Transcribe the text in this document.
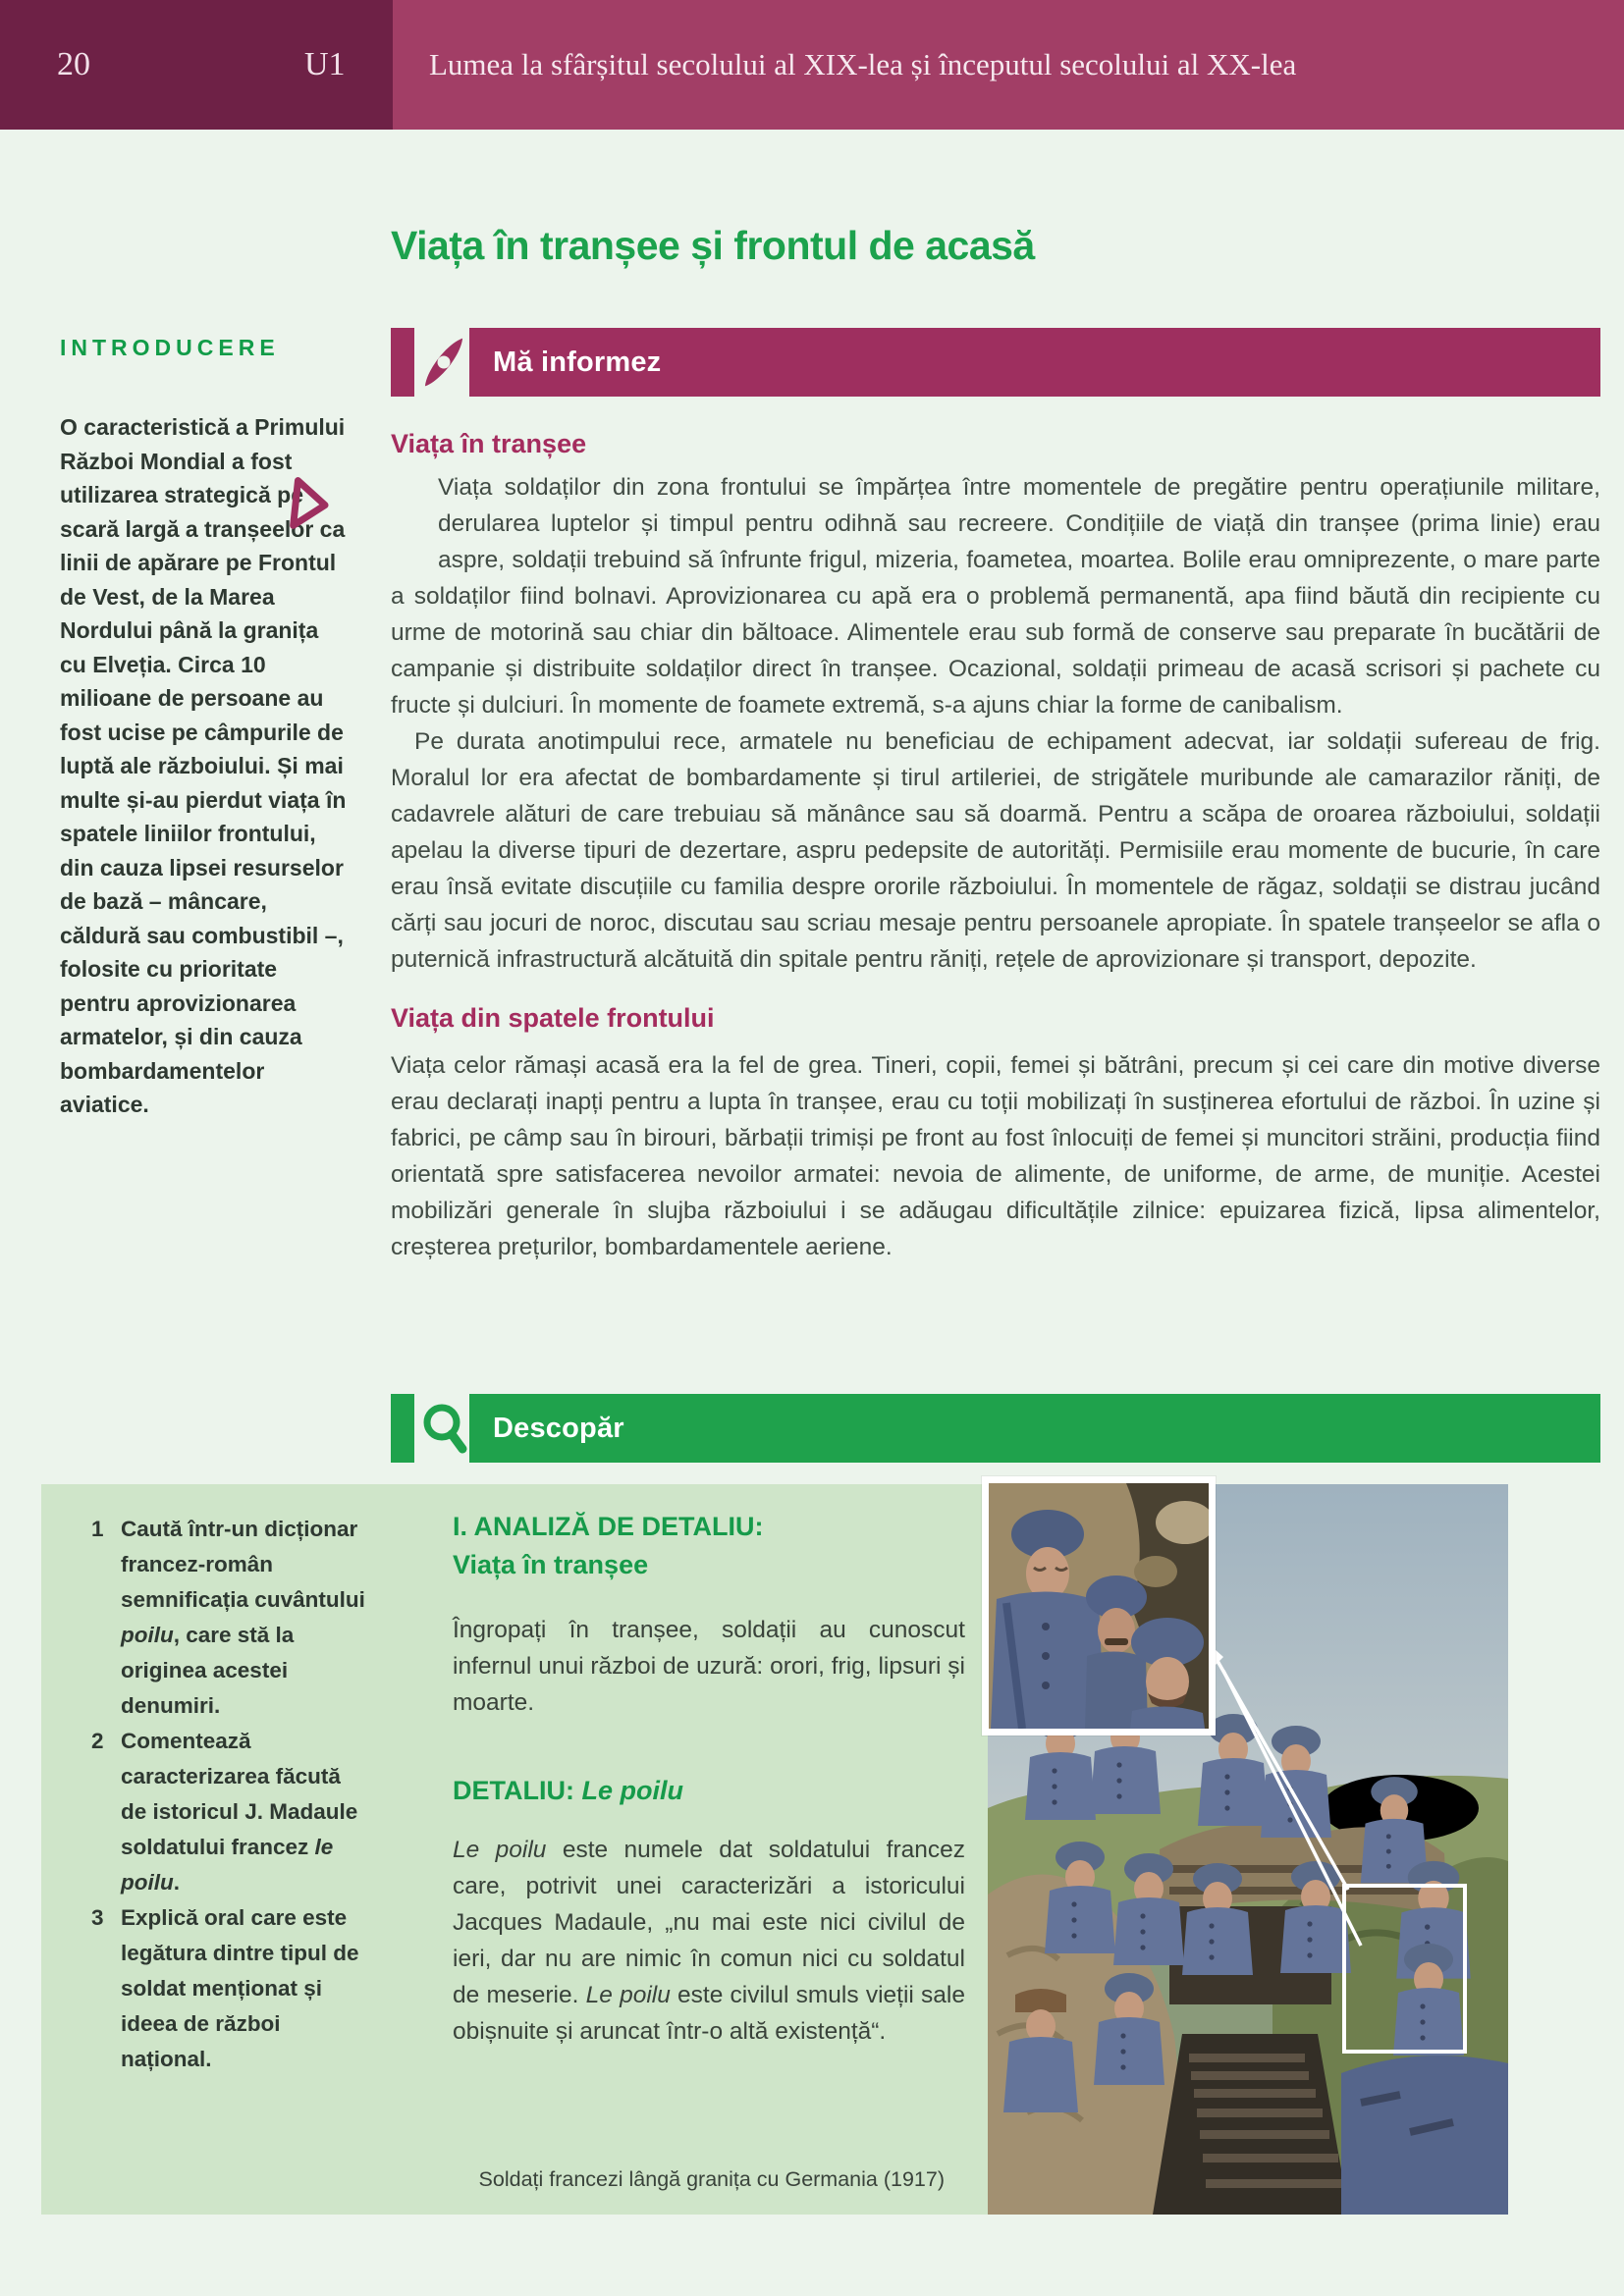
20	U1	Lumea la sfârșitul secolului al XIX-lea și începutul secolului al XX-lea
Viața în tranșee și frontul de acasă
INTRODUCERE

O caracteristică a Primului Război Mondial a fost utilizarea strategică pe scară largă a tranșeelor ca linii de apărare pe Frontul de Vest, de la Marea Nordului până la granița cu Elveția. Circa 10 milioane de persoane au fost ucise pe câmpurile de luptă ale războiului. Și mai multe și-au pierdut viața în spatele liniilor frontului, din cauza lipsei resurselor de bază – mâncare, căldură sau combustibil –, folosite cu prioritate pentru aprovizionarea armatelor, și din cauza bombardamentelor aviatice.

Mă informez
Viața în tranșee

Viața soldaților din zona frontului se împărțea între momentele de pregătire pentru operațiunile militare, derularea luptelor și timpul pentru odihnă sau recreere. Condițiile de viață din tranșee (prima linie) erau aspre, soldații trebuind să înfrunte frigul, mizeria, foametea, moartea. Bolile erau omniprezente, o mare parte a soldaților fiind bolnavi. Aprovizionarea cu apă era o problemă permanentă, apa fiind băută din recipiente cu urme de motorină sau chiar din băltoace. Alimentele erau sub formă de conserve sau preparate în bucătării de campanie și distribuite soldaților direct în tranșee. Ocazional, soldații primeau de acasă scrisori și pachete cu fructe și dulciuri. În momente de foamete extremă, s-a ajuns chiar la forme de canibalism.

Pe durata anotimpului rece, armatele nu beneficiau de echipament adecvat, iar soldații sufereau de frig. Moralul lor era afectat de bombardamente și tirul artileriei, de strigătele muribunde ale camarazilor răniți, de cadavrele alături de care trebuiau să mănânce sau să doarmă. Pentru a scăpa de oroarea războiului, soldații apelau la diverse tipuri de dezertare, aspru pedepsite de autorități. Permisiile erau momente de bucurie, în care erau însă evitate discuțiile cu familia despre ororile războiului. În momentele de răgaz, soldații se distrau jucând cărți sau jocuri de noroc, discutau sau scriau mesaje pentru persoanele apropiate. În spatele tranșeelor se afla o puternică infrastructură alcătuită din spitale pentru răniți, rețele de aprovizionare și transport, depozite.

Viața din spatele frontului

Viața celor rămași acasă era la fel de grea. Tineri, copii, femei și bătrâni, precum și cei care din motive diverse erau declarați inapți pentru a lupta în tranșee, erau cu toții mobilizați în susținerea efortului de război. În uzine și fabrici, pe câmp sau în birouri, bărbații trimiși pe front au fost înlocuiți de femei și muncitori străini, producția fiind orientată spre satisfacerea nevoilor armatei: nevoia de alimente, de uniforme, de arme, de muniție. Acestei mobilizări generale în slujba războiului i se adăugau dificultățile zilnice: epuizarea fizică, lipsa alimentelor, creșterea prețurilor, bombardamentele aeriene.

Descopăr
1 Caută într-un dicționar francez-român semnificația cuvântului poilu, care stă la originea acestei denumiri.
2 Comentează caracterizarea făcută de istoricul J. Madaule soldatului francez le poilu.
3 Explică oral care este legătura dintre tipul de soldat menționat și ideea de război național.

I. ANALIZĂ DE DETALIU:
Viața în tranșee

Îngropați în tranșee, soldații au cunoscut infernul unui război de uzură: orori, frig, lipsuri și moarte.

DETALIU: Le poilu

Le poilu este numele dat soldatului francez care, potrivit unei caracterizări a istoricului Jacques Madaule, „nu mai este nici civilul de ieri, dar nu are nimic în comun nici cu soldatul de meserie. Le poilu este civilul smuls vieții sale obișnuite și aruncat într-o altă existență“.

Soldați francezi lângă granița cu Germania (1917)
